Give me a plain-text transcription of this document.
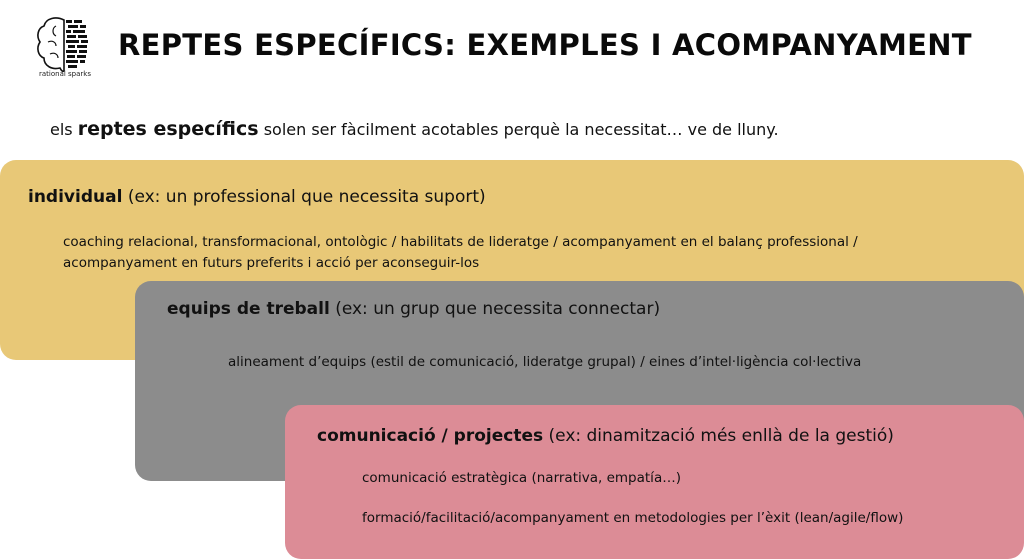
rational sparks
REPTES ESPECÍFICS: EXEMPLES I ACOMPANYAMENT
els reptes específics solen ser fàcilment acotables perquè la necessitat… ve de lluny.
individual (ex: un professional que necessita suport)
coaching relacional, transformacional, ontològic / habilitats de lideratge / acompanyament en el balanç professional / acompanyament en futurs preferits i acció per aconseguir-los
equips de treball (ex: un grup que necessita connectar)
alineament d’equips (estil de comunicació, lideratge grupal) / eines d’intel·ligència col·lectiva
comunicació / projectes (ex: dinamització més enllà de la gestió)
comunicació estratègica (narrativa, empatía…)
formació/facilitació/acompanyament en metodologies per l’èxit (lean/agile/flow)
